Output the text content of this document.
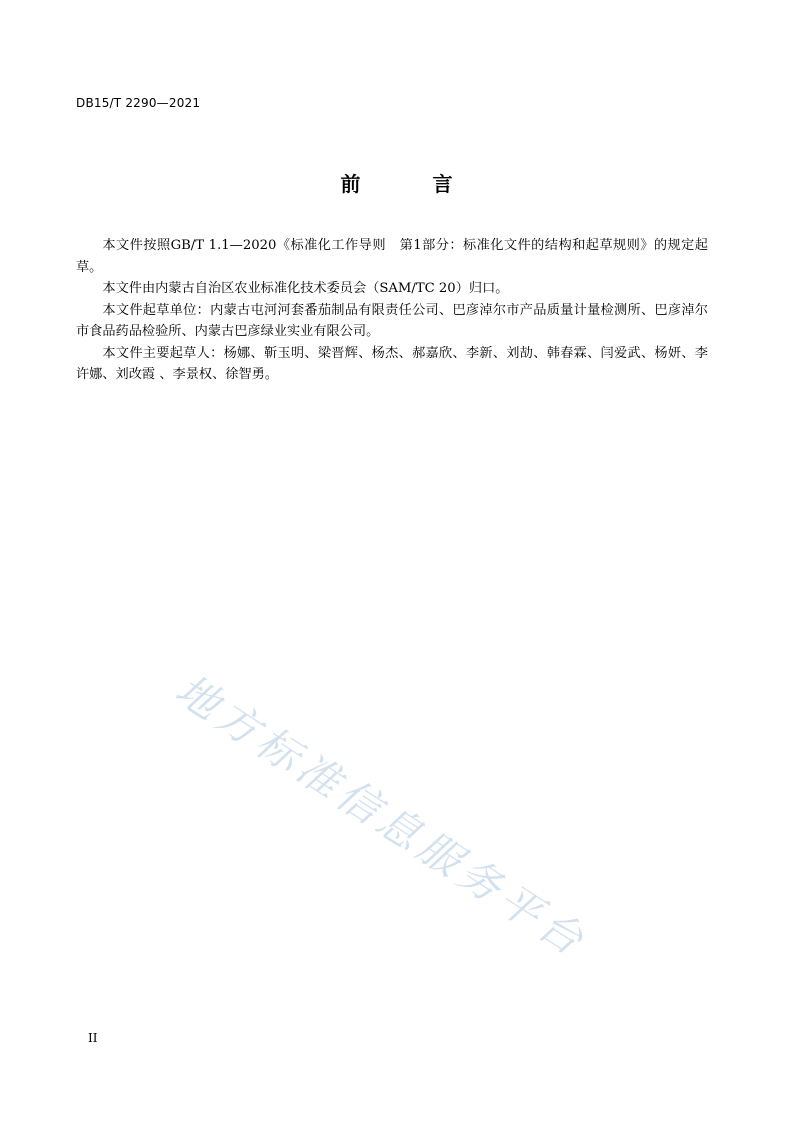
DB15/T 2290—2021
前　言

本文件按照GB/T 1.1—2020《标准化工作导则　第1部分：标准化文件的结构和起草规则》的规定起草。

本文件由内蒙古自治区农业标准化技术委员会（SAM/TC 20）归口。

本文件起草单位：内蒙古屯河河套番茄制品有限责任公司、巴彦淖尔市产品质量计量检测所、巴彦淖尔市食品药品检验所、内蒙古巴彦绿业实业有限公司。

本文件主要起草人：杨娜、靳玉明、梁晋辉、杨杰、郝嘉欣、李新、刘劼、韩春霖、闫爱武、杨妍、李许娜、刘改霞 、李景权、徐智勇。

地方标准信息服务平台
II
